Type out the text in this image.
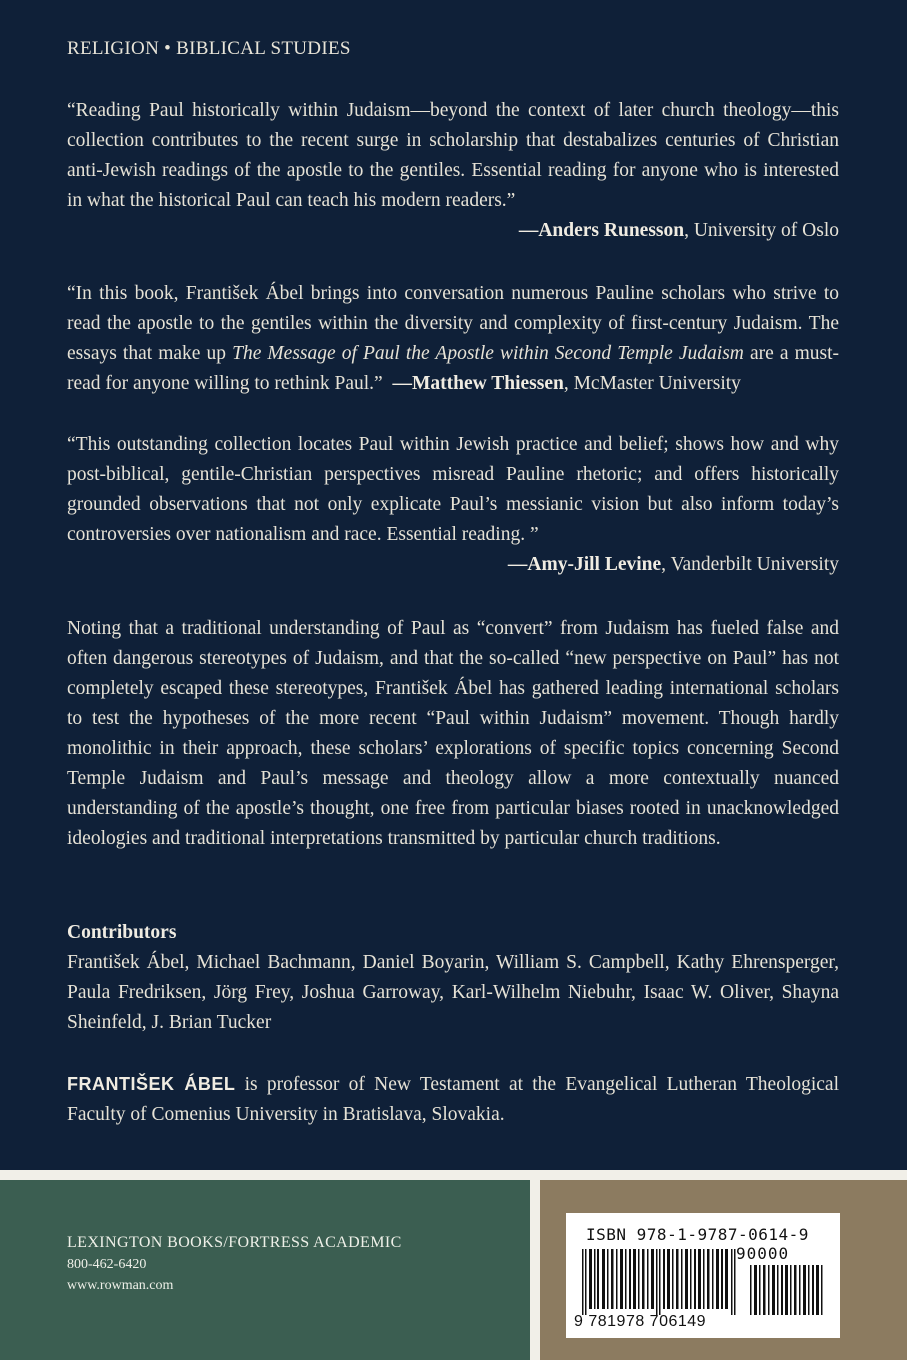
RELIGION • BIBLICAL STUDIES
“Reading Paul historically within Judaism—beyond the context of later church theology—this collection contributes to the recent surge in scholarship that destabalizes centuries of Christian anti-Jewish readings of the apostle to the gentiles. Essential reading for anyone who is interested in what the historical Paul can teach his modern readers.”
—Anders Runesson, University of Oslo
“In this book, František Ábel brings into conversation numerous Pauline scholars who strive to read the apostle to the gentiles within the diversity and complexity of first-century Judaism. The essays that make up The Message of Paul the Apostle within Second Temple Judaism are a must-read for anyone willing to rethink Paul.” —Matthew Thiessen, McMaster University
“This outstanding collection locates Paul within Jewish practice and belief; shows how and why post-biblical, gentile-Christian perspectives misread Pauline rhetoric; and offers historically grounded observations that not only explicate Paul’s messianic vision but also inform today’s controversies over nationalism and race. Essential reading. ”
—Amy-Jill Levine, Vanderbilt University
Noting that a traditional understanding of Paul as “convert” from Judaism has fueled false and often dangerous stereotypes of Judaism, and that the so-called “new perspective on Paul” has not completely escaped these stereotypes, František Ábel has gathered leading international scholars to test the hypotheses of the more recent “Paul within Judaism” movement. Though hardly monolithic in their approach, these scholars’ explorations of specific topics concerning Second Temple Judaism and Paul’s message and theology allow a more contextually nuanced understanding of the apostle’s thought, one free from particular biases rooted in unacknowledged ideologies and traditional interpretations transmitted by particular church traditions.
Contributors
František Ábel, Michael Bachmann, Daniel Boyarin, William S. Campbell, Kathy Ehrensperger, Paula Fredriksen, Jörg Frey, Joshua Garroway, Karl-Wilhelm Niebuhr, Isaac W. Oliver, Shayna Sheinfeld, J. Brian Tucker
FRANTIŠEK ÁBEL is professor of New Testament at the Evangelical Lutheran Theological Faculty of Comenius University in Bratislava, Slovakia.
LEXINGTON BOOKS/FORTRESS ACADEMIC
800-462-6420
www.rowman.com
ISBN 978-1-9787-0614-9
90000
9 781978 706149
